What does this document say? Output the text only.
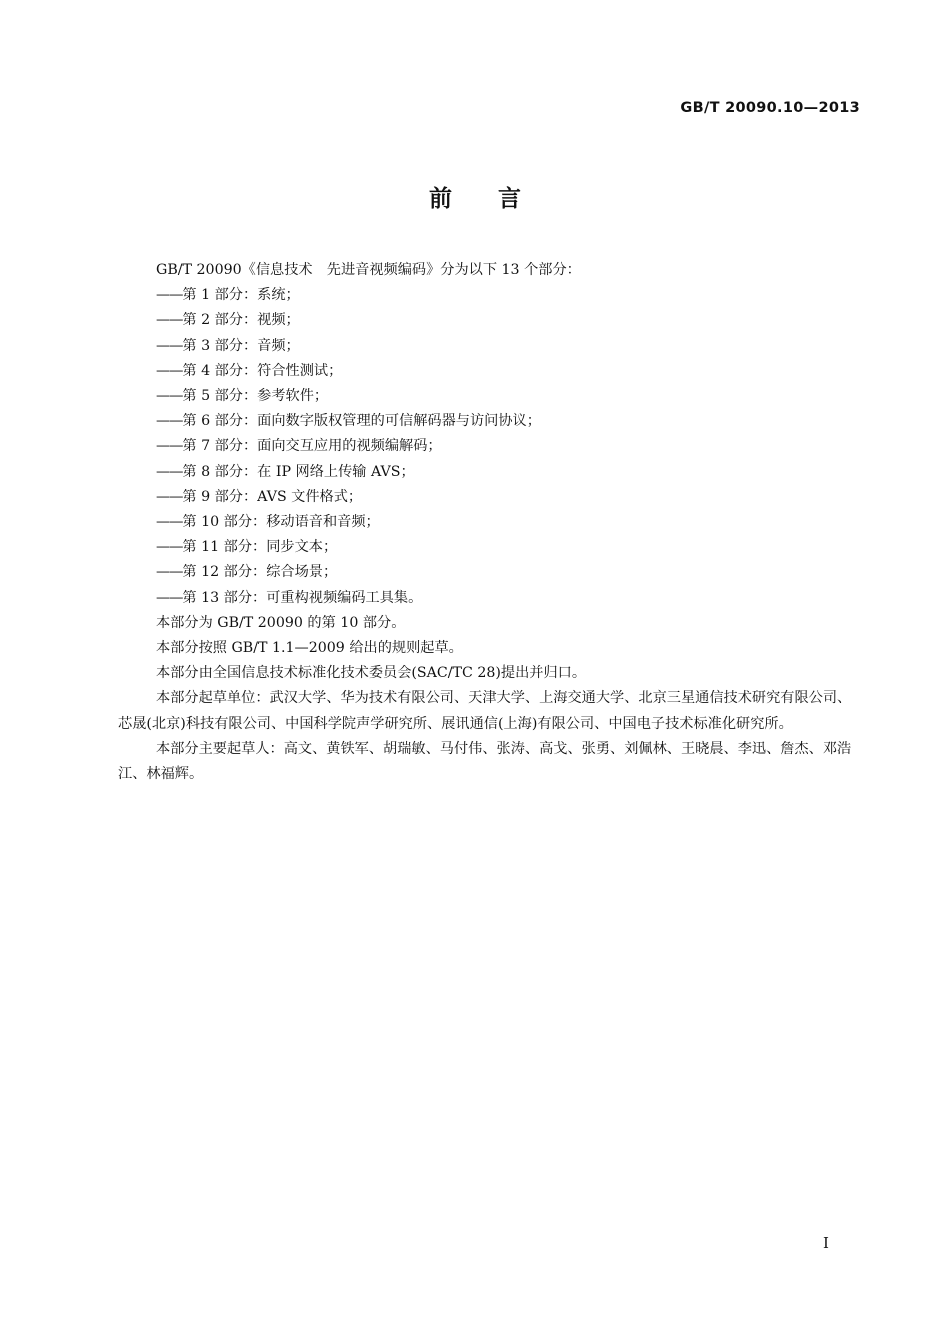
GB/T 20090.10—2013
前言

GB/T 20090《信息技术　先进音视频编码》分为以下 13 个部分：

——第 1 部分：系统；

——第 2 部分：视频；

——第 3 部分：音频；

——第 4 部分：符合性测试；

——第 5 部分：参考软件；

——第 6 部分：面向数字版权管理的可信解码器与访问协议；

——第 7 部分：面向交互应用的视频编解码；

——第 8 部分：在 IP 网络上传输 AVS；

——第 9 部分：AVS 文件格式；

——第 10 部分：移动语音和音频；

——第 11 部分：同步文本；

——第 12 部分：综合场景；

——第 13 部分：可重构视频编码工具集。

本部分为 GB/T 20090 的第 10 部分。

本部分按照 GB/T 1.1—2009 给出的规则起草。

本部分由全国信息技术标准化技术委员会(SAC/TC 28)提出并归口。

本部分起草单位：武汉大学、华为技术有限公司、天津大学、上海交通大学、北京三星通信技术研究有限公司、芯晟(北京)科技有限公司、中国科学院声学研究所、展讯通信(上海)有限公司、中国电子技术标准化研究所。

本部分主要起草人：高文、黄铁军、胡瑞敏、马付伟、张涛、高戈、张勇、刘佩林、王晓晨、李迅、詹杰、邓浩江、林福辉。

I
